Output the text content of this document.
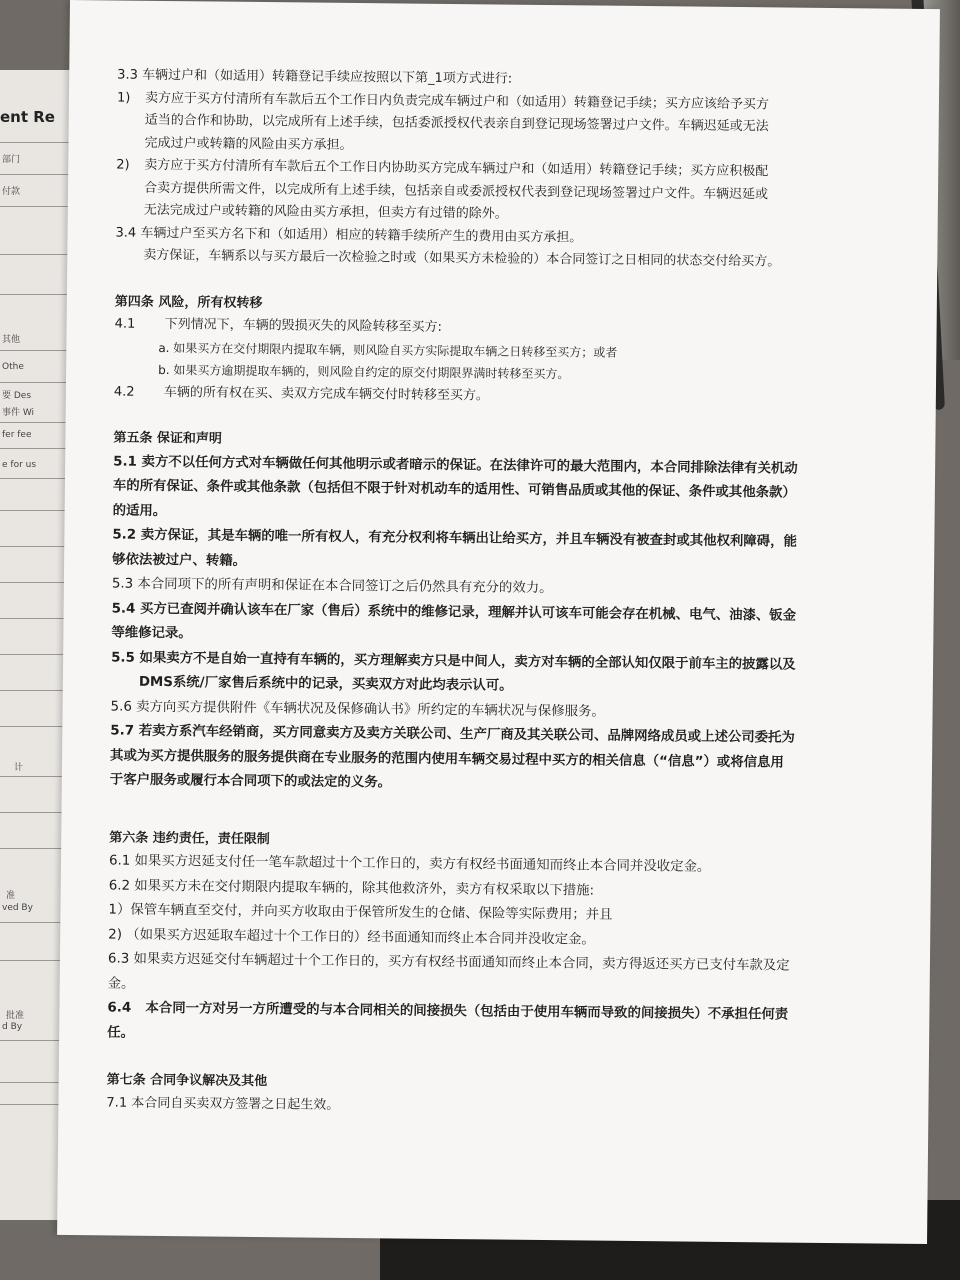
ent Re
部门
付款
其他
Othe
要 Des
事件 Wi
fer fee
e for us
计
准
ved By
批准
d By
3.3 车辆过户和（如适用）转籍登记手续应按照以下第_1项方式进行:
1) 卖方应于买方付清所有车款后五个工作日内负责完成车辆过户和（如适用）转籍登记手续；买方应该给予买方
适当的合作和协助，以完成所有上述手续，包括委派授权代表亲自到登记现场签署过户文件。车辆迟延或无法
完成过户或转籍的风险由买方承担。
2) 卖方应于买方付清所有车款后五个工作日内协助买方完成车辆过户和（如适用）转籍登记手续；买方应积极配
合卖方提供所需文件，以完成所有上述手续，包括亲自或委派授权代表到登记现场签署过户文件。车辆迟延或
无法完成过户或转籍的风险由买方承担，但卖方有过错的除外。
3.4 车辆过户至买方名下和（如适用）相应的转籍手续所产生的费用由买方承担。
卖方保证，车辆系以与买方最后一次检验之时或（如果买方未检验的）本合同签订之日相同的状态交付给买方。
第四条 风险，所有权转移
4.1 下列情况下，车辆的毁损灭失的风险转移至买方:
a. 如果买方在交付期限内提取车辆，则风险自买方实际提取车辆之日转移至买方；或者
b. 如果买方逾期提取车辆的，则风险自约定的原交付期限界满时转移至买方。
4.2 车辆的所有权在买、卖双方完成车辆交付时转移至买方。
第五条 保证和声明
5.1 卖方不以任何方式对车辆做任何其他明示或者暗示的保证。在法律许可的最大范围内，本合同排除法律有关机动
车的所有保证、条件或其他条款（包括但不限于针对机动车的适用性、可销售品质或其他的保证、条件或其他条款）
的适用。
5.2 卖方保证，其是车辆的唯一所有权人，有充分权利将车辆出让给买方，并且车辆没有被查封或其他权利障碍，能
够依法被过户、转籍。
5.3 本合同项下的所有声明和保证在本合同签订之后仍然具有充分的效力。
5.4 买方已查阅并确认该车在厂家（售后）系统中的维修记录，理解并认可该车可能会存在机械、电气、油漆、钣金
等维修记录。
5.5 如果卖方不是自始一直持有车辆的，买方理解卖方只是中间人，卖方对车辆的全部认知仅限于前车主的披露以及
DMS系统/厂家售后系统中的记录，买卖双方对此均表示认可。
5.6 卖方向买方提供附件《车辆状况及保修确认书》所约定的车辆状况与保修服务。
5.7 若卖方系汽车经销商，买方同意卖方及卖方关联公司、生产厂商及其关联公司、品牌网络成员或上述公司委托为
其或为买方提供服务的服务提供商在专业服务的范围内使用车辆交易过程中买方的相关信息（“信息”）或将信息用
于客户服务或履行本合同项下的或法定的义务。
第六条 违约责任，责任限制
6.1 如果买方迟延支付任一笔车款超过十个工作日的，卖方有权经书面通知而终止本合同并没收定金。
6.2 如果买方未在交付期限内提取车辆的，除其他救济外，卖方有权采取以下措施:
1）保管车辆直至交付，并向买方收取由于保管所发生的仓储、保险等实际费用；并且
2) （如果买方迟延取车超过十个工作日的）经书面通知而终止本合同并没收定金。
6.3 如果卖方迟延交付车辆超过十个工作日的，买方有权经书面通知而终止本合同，卖方得返还买方已支付车款及定
金。
6.4 本合同一方对另一方所遭受的与本合同相关的间接损失（包括由于使用车辆而导致的间接损失）不承担任何责
任。
第七条 合同争议解决及其他
7.1 本合同自买卖双方签署之日起生效。
